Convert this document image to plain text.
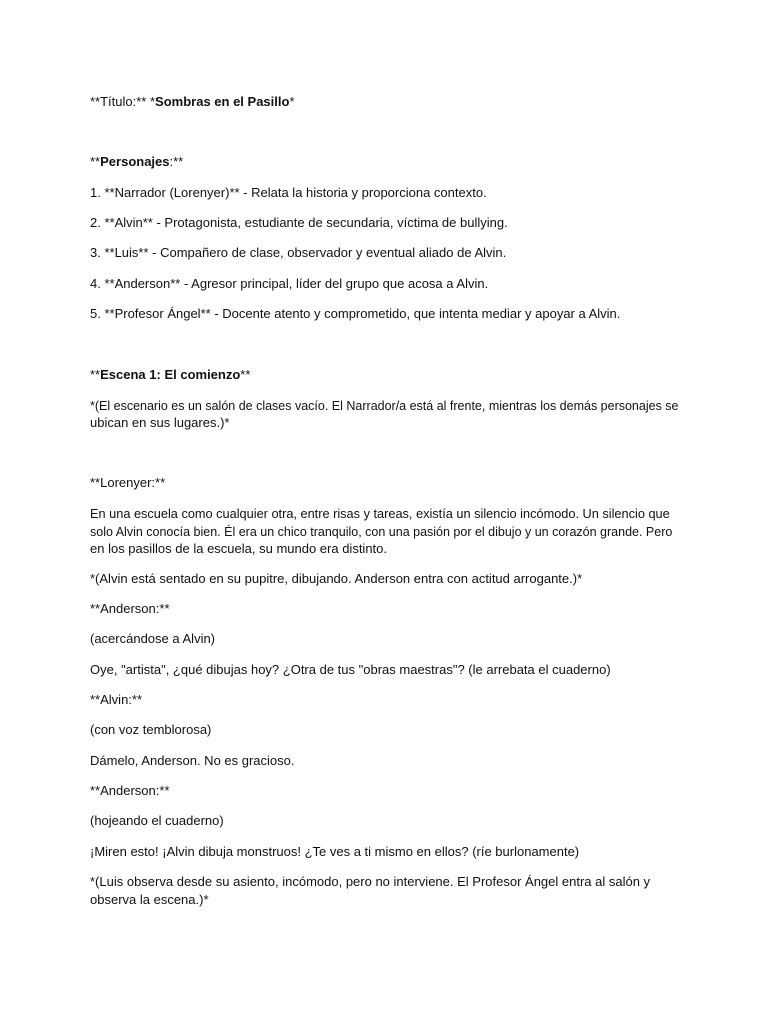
**Título:** *Sombras en el Pasillo*
**Personajes:**
1. **Narrador (Lorenyer)** - Relata la historia y proporciona contexto.
2. **Alvin** - Protagonista, estudiante de secundaria, víctima de bullying.
3. **Luis** - Compañero de clase, observador y eventual aliado de Alvin.
4. **Anderson** - Agresor principal, líder del grupo que acosa a Alvin.
5. **Profesor Ángel** - Docente atento y comprometido, que intenta mediar y apoyar a Alvin.
**Escena 1: El comienzo**
*(El escenario es un salón de clases vacío. El Narrador/a está al frente, mientras los demás personajes se
ubican en sus lugares.)*
**Lorenyer:**
En una escuela como cualquier otra, entre risas y tareas, existía un silencio incómodo. Un silencio que
solo Alvin conocía bien. Él era un chico tranquilo, con una pasión por el dibujo y un corazón grande. Pero
en los pasillos de la escuela, su mundo era distinto.
*(Alvin está sentado en su pupitre, dibujando. Anderson entra con actitud arrogante.)*
**Anderson:**
(acercándose a Alvin)
Oye, "artista", ¿qué dibujas hoy? ¿Otra de tus "obras maestras"? (le arrebata el cuaderno)
**Alvin:**
(con voz temblorosa)
Dámelo, Anderson. No es gracioso.
**Anderson:**
(hojeando el cuaderno)
¡Miren esto! ¡Alvin dibuja monstruos! ¿Te ves a ti mismo en ellos? (ríe burlonamente)
*(Luis observa desde su asiento, incómodo, pero no interviene. El Profesor Ángel entra al salón y
observa la escena.)*
